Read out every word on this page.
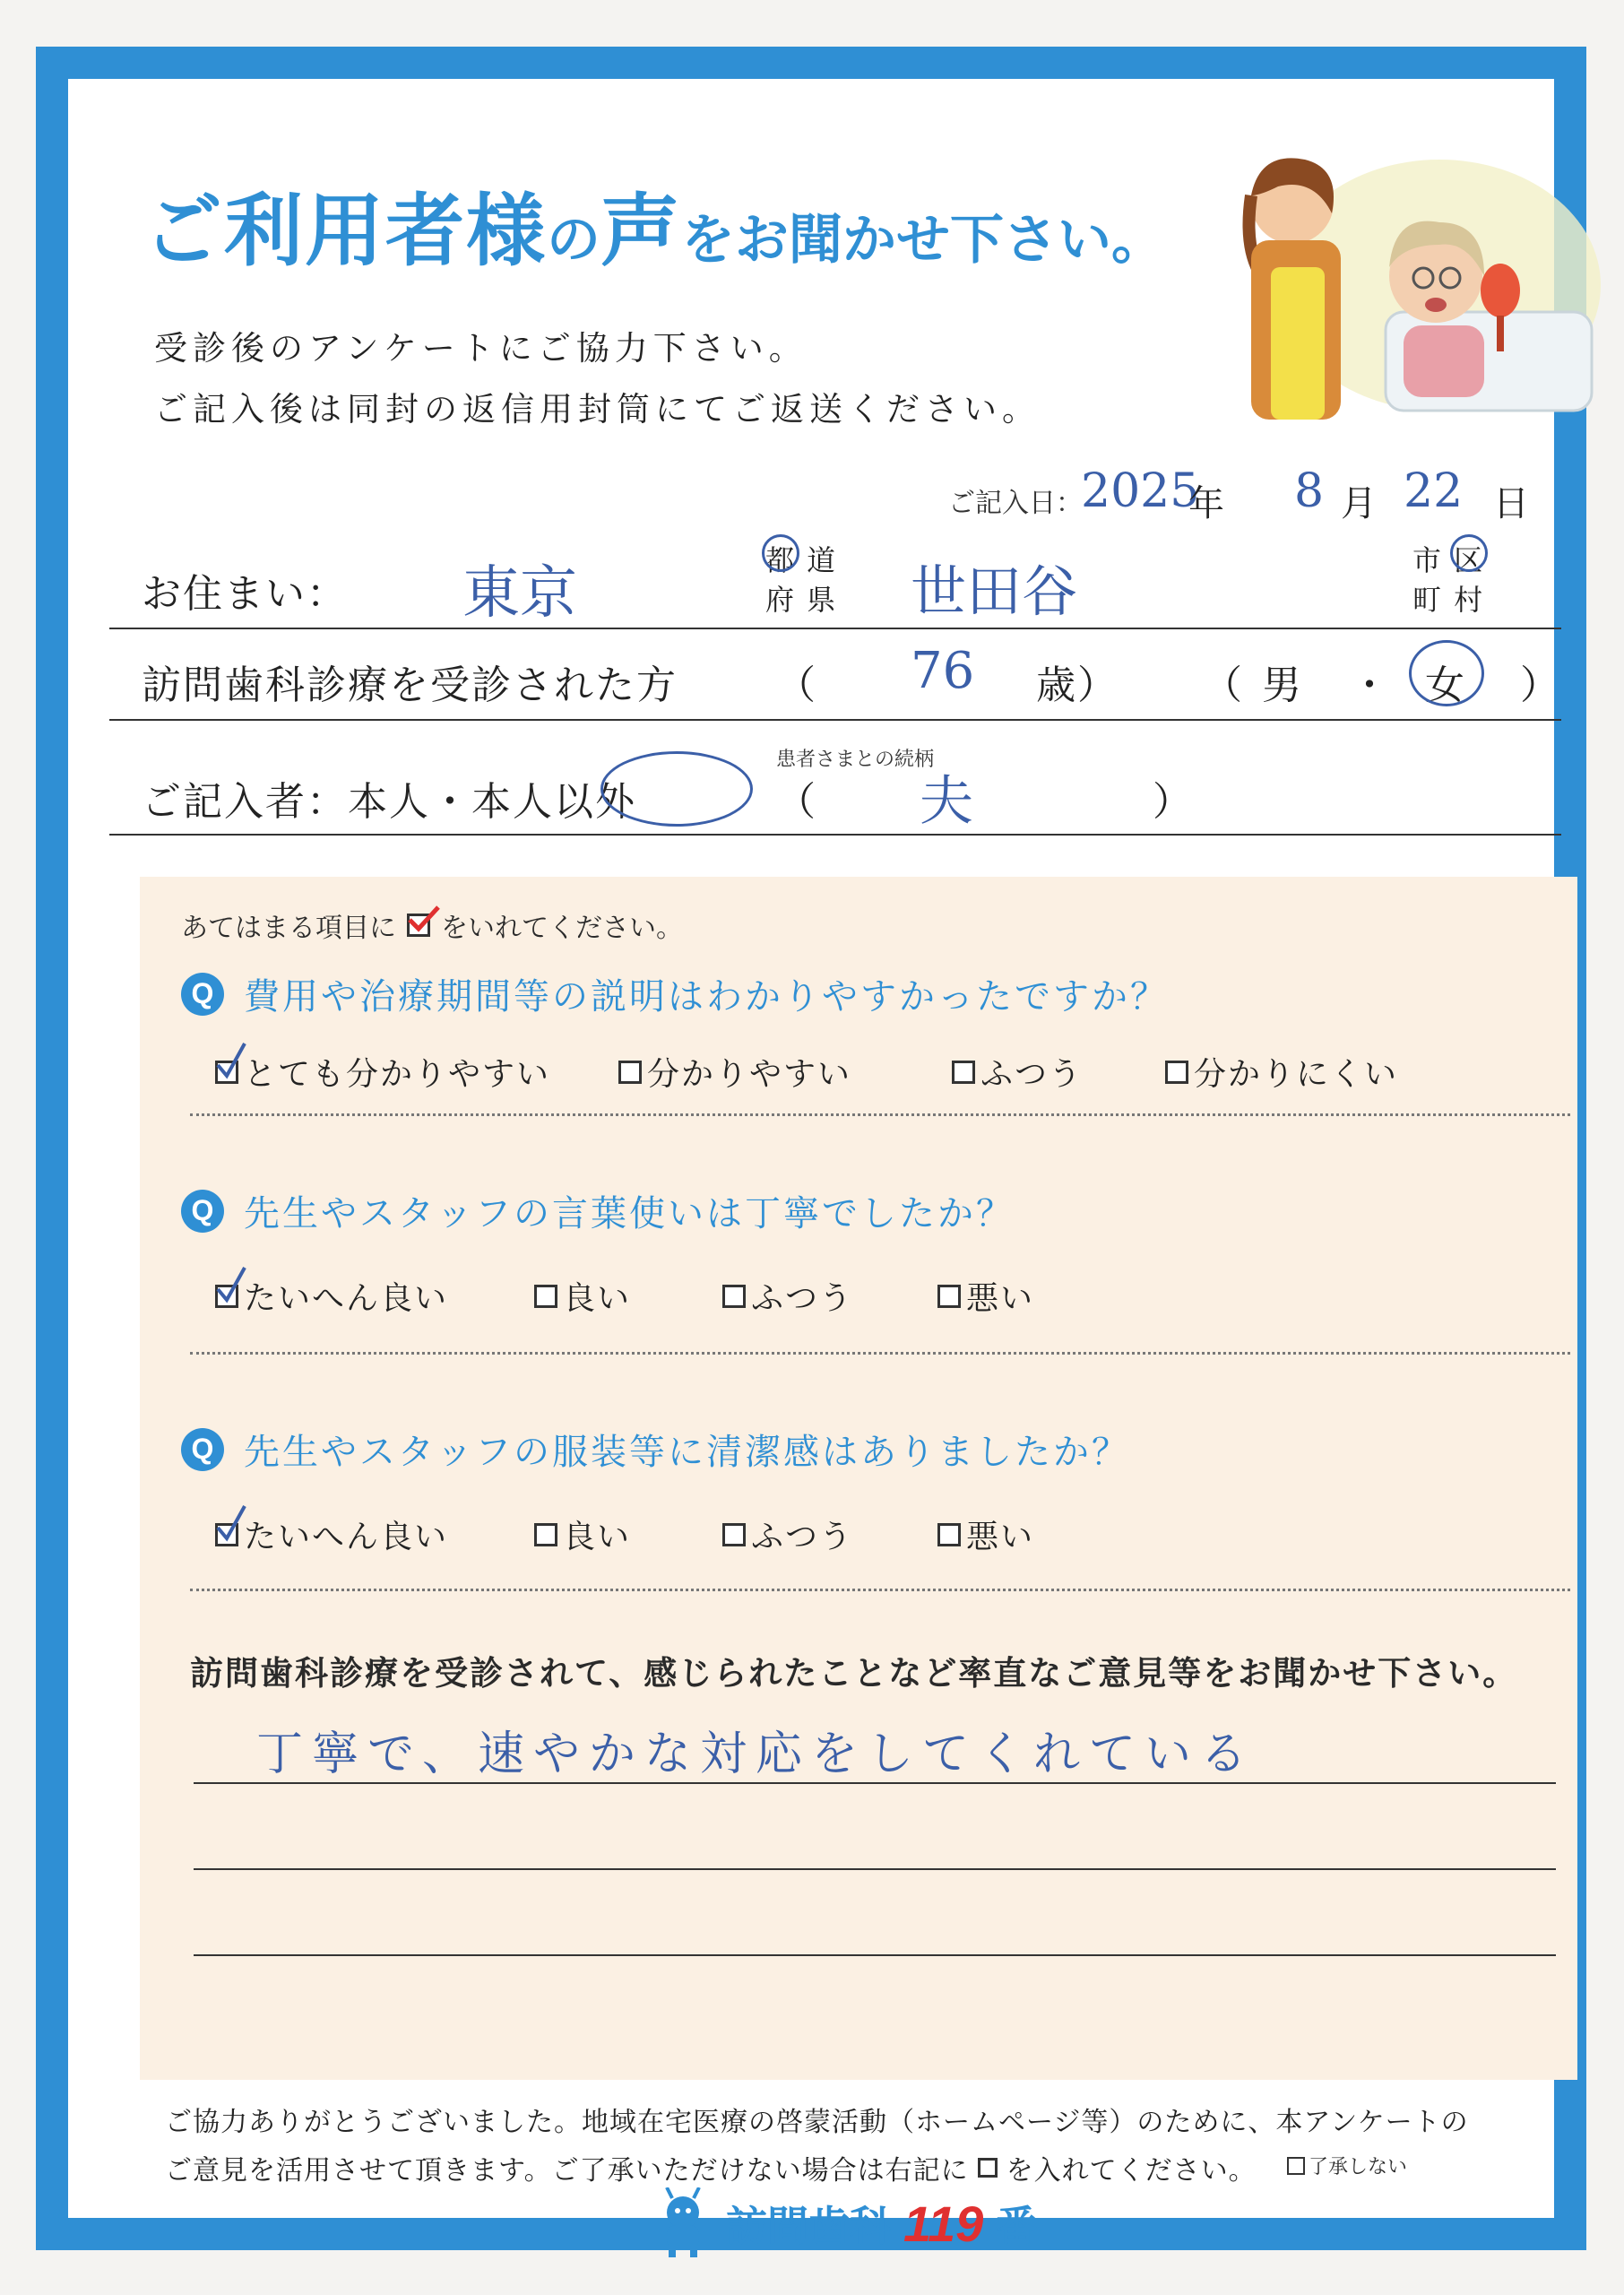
ご利用者様の声をお聞かせ下さい。
受診後のアンケートにご協力下さい。
ご記入後は同封の返信用封筒にてご返送ください。
ご記入日：
2025
年 8 月 22 日
お住まい： 東京	都 道
府 県 世田谷	市 区
町 村
訪問歯科診療を受診された方	（ 76 歳） （ 男 ・ 女 ）
患者さまとの続柄
ご記入者：本人・本人以外	（ 夫	）
あてはまる項目に をいれてください。
Q 費用や治療期間等の説明はわかりやすかったですか？
とても分かりやすい	分かりやすい	ふつう	分かりにくい
Q 先生やスタッフの言葉使いは丁寧でしたか？
たいへん良い	良い	ふつう	悪い
Q 先生やスタッフの服装等に清潔感はありましたか？
たいへん良い	良い	ふつう	悪い
訪問歯科診療を受診されて、感じられたことなど率直なご意見等をお聞かせ下さい。
丁寧で、速やかな対応をしてくれている
ご協力ありがとうございました。地域在宅医療の啓蒙活動（ホームページ等）のために、本アンケートの
ご意見を活用させて頂きます。ご了承いただけない場合は右記に を入れてください。	了承しない
訪問歯科 119 番
